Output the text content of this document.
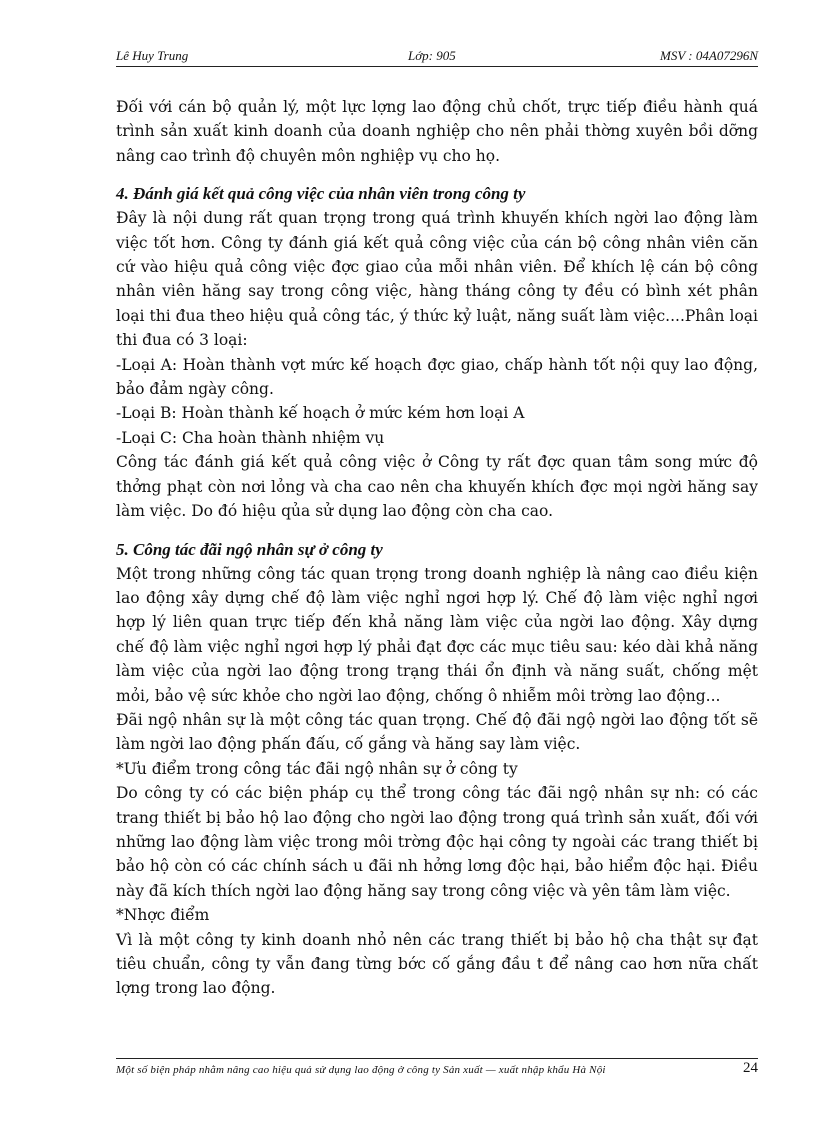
Lê Huy Trung	Lớp: 905	MSV : 04A07296N

Đối với cán bộ quản lý, một lực lợng lao động chủ chốt, trực tiếp điều hành quá trình sản xuất kinh doanh của doanh nghiệp cho nên phải thờng xuyên bồi dỡng nâng cao trình độ chuyên môn nghiệp vụ cho họ.

4. Đánh giá kết quả công việc của nhân viên trong công ty

Đây là nội dung rất quan trọng trong quá trình khuyến khích ngời lao động làm việc tốt hơn. Công ty đánh giá kết quả công việc của cán bộ công nhân viên căn cứ vào hiệu quả công việc đợc giao của mỗi nhân viên. Để khích lệ cán bộ công nhân viên hăng say trong công việc, hàng tháng công ty đều có bình xét phân loại thi đua theo hiệu quả công tác, ý thức kỷ luật, năng suất làm việc....Phân loại thi đua có 3 loại:

-Loại A: Hoàn thành vợt mức kế hoạch đợc giao, chấp hành tốt nội quy lao động, bảo đảm ngày công.

-Loại B: Hoàn thành kế hoạch ở mức kém hơn loại A

-Loại C: Cha hoàn thành nhiệm vụ

Công tác đánh giá kết quả công việc ở Công ty rất đợc quan tâm song mức độ thởng phạt còn nơi lỏng và cha cao nên cha khuyến khích đợc mọi ngời hăng say làm việc. Do đó hiệu qủa sử dụng lao động còn cha cao.

5. Công tác đãi ngộ nhân sự ở công ty

Một trong những công tác quan trọng trong doanh nghiệp là nâng cao điều kiện lao động xây dựng chế độ làm việc nghỉ ngơi hợp lý. Chế độ làm việc nghỉ ngơi hợp lý liên quan trực tiếp đến khả năng làm việc của ngời lao động. Xây dựng chế độ làm việc nghỉ ngơi hợp lý phải đạt đợc các mục tiêu sau: kéo dài khả năng làm việc của ngời lao động trong trạng thái ổn định và năng suất, chống mệt mỏi, bảo vệ sức khỏe cho ngời lao động, chống ô nhiễm môi trờng lao động...

Đãi ngộ nhân sự là một công tác quan trọng. Chế độ đãi ngộ ngời lao động tốt sẽ làm ngời lao động phấn đấu, cố gắng và hăng say làm việc.

*Ưu điểm trong công tác đãi ngộ nhân sự ở công ty

Do công ty có các biện pháp cụ thể trong công tác đãi ngộ nhân sự nh: có các trang thiết bị bảo hộ lao động cho ngời lao động trong quá trình sản xuất, đối với những lao động làm việc trong môi trờng độc hại công ty ngoài các trang thiết bị bảo hộ còn có các chính sách u đãi nh hởng lơng độc hại, bảo hiểm độc hại. Điều này đã kích thích ngời lao động hăng say trong công việc và yên tâm làm việc.

*Nhợc điểm

Vì là một công ty kinh doanh nhỏ nên các trang thiết bị bảo hộ cha thật sự đạt tiêu chuẩn, công ty vẫn đang từng bớc cố gắng đầu t để nâng cao hơn nữa chất lợng trong lao động.

Một số biện pháp nhằm nâng cao hiệu quả sử dụng lao động ở công ty Sản xuất — xuất nhập khẩu Hà Nội	24
